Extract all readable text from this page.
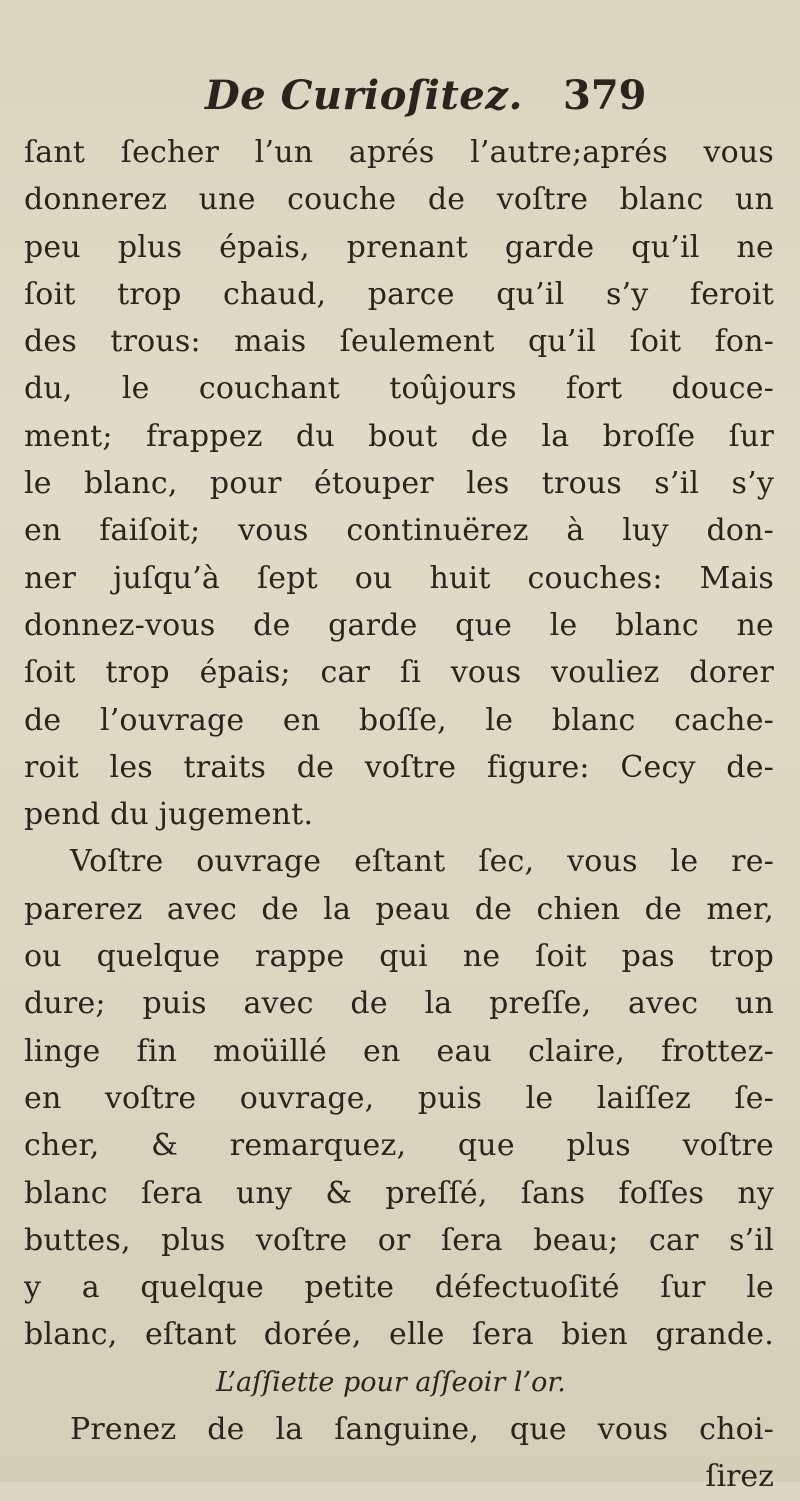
De Curioſitez. 379
ſant ſecher l’un aprés l’autre;aprés vous
donnerez une couche de voſtre blanc un
peu plus épais, prenant garde qu’il ne
ſoit trop chaud, parce qu’il s’y feroit
des trous: mais ſeulement qu’il ſoit fon-
du, le couchant toûjours fort douce-
ment; frappez du bout de la broſſe ſur
le blanc, pour étouper les trous s’il s’y
en faiſoit; vous continuërez à luy don-
ner juſqu’à ſept ou huit couches: Mais
donnez-vous de garde que le blanc ne
ſoit trop épais; car ſi vous vouliez dorer
de l’ouvrage en boſſe, le blanc cache-
roit les traits de voſtre figure: Cecy de-
pend du jugement.
Voſtre ouvrage eſtant ſec, vous le re-
parerez avec de la peau de chien de mer,
ou quelque rappe qui ne ſoit pas trop
dure; puis avec de la preſſe, avec un
linge fin moüillé en eau claire, frottez-
en voſtre ouvrage, puis le laiſſez ſe-
cher, & remarquez, que plus voſtre
blanc ſera uny & preſſé, ſans foſſes ny
buttes, plus voſtre or ſera beau; car s’il
y a quelque petite défectuoſité ſur le
blanc, eſtant dorée, elle ſera bien grande.
L’aſſiette pour aſſeoir l’or.
Prenez de la ſanguine, que vous choi-
ſirez
